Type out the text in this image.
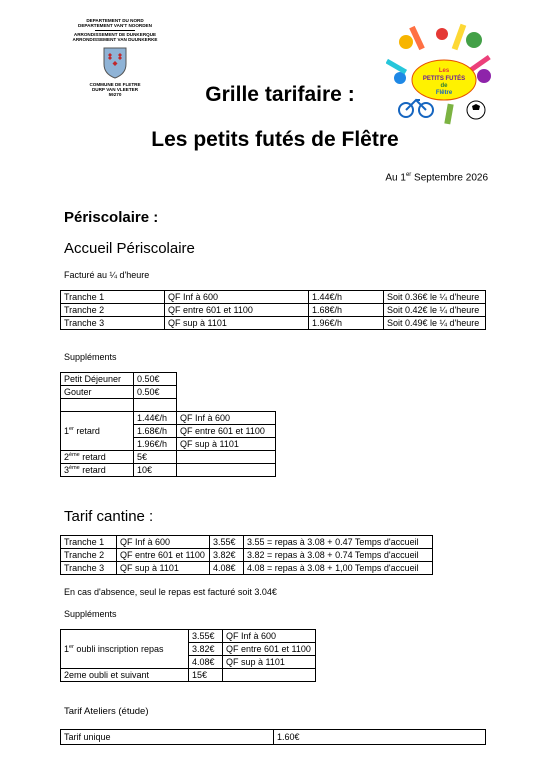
DEPARTEMENT DU NORD
DEPARTEMENT VAN'T NOORDEN
ARRONDISSEMENT DE DUNKERQUE
ARRONDISSEMENT VAN DUUNKERKE
COMMUNE DE FLETRE
DURP VAN VLEETER
59270
Les
PETITS FUTÉS
de
Flêtre
Grille tarifaire :
Les petits futés de Flêtre
Au 1er Septembre 2026
Périscolaire :
Accueil Périscolaire
Facturé au ¼ d'heure
Tranche 1	QF Inf à 600	1.44€/h	Soit 0.36€ le ¼ d'heure
Tranche 2	QF entre 601 et 1100	1.68€/h	Soit 0.42€ le ¼ d'heure
Tranche 3	QF sup à 1101	1.96€/h	Soit 0.49€ le ¼ d'heure
Suppléments
Petit Déjeuner	0.50€	
Gouter	0.50€	

1er retard	1.44€/h	QF Inf à 600
	1.68€/h	QF entre 601 et 1100
	1.96€/h	QF sup à 1101
2ème retard	5€	
3ème retard	10€	
Tarif cantine :
Tranche 1	QF Inf à 600	3.55€	3.55 = repas à 3.08 + 0.47 Temps d'accueil
Tranche 2	QF entre 601 et 1100	3.82€	3.82 = repas à 3.08 + 0.74 Temps d'accueil
Tranche 3	QF sup à 1101	4.08€	4.08 = repas à 3.08 + 1,00 Temps d'accueil
En cas d'absence, seul le repas est facturé soit 3.04€
Suppléments
1er oubli inscription repas	3.55€	QF Inf à 600
	3.82€	QF entre 601 et 1100
	4.08€	QF sup à 1101
2eme oubli et suivant	15€	
Tarif Ateliers (étude)
Tarif unique	1.60€
